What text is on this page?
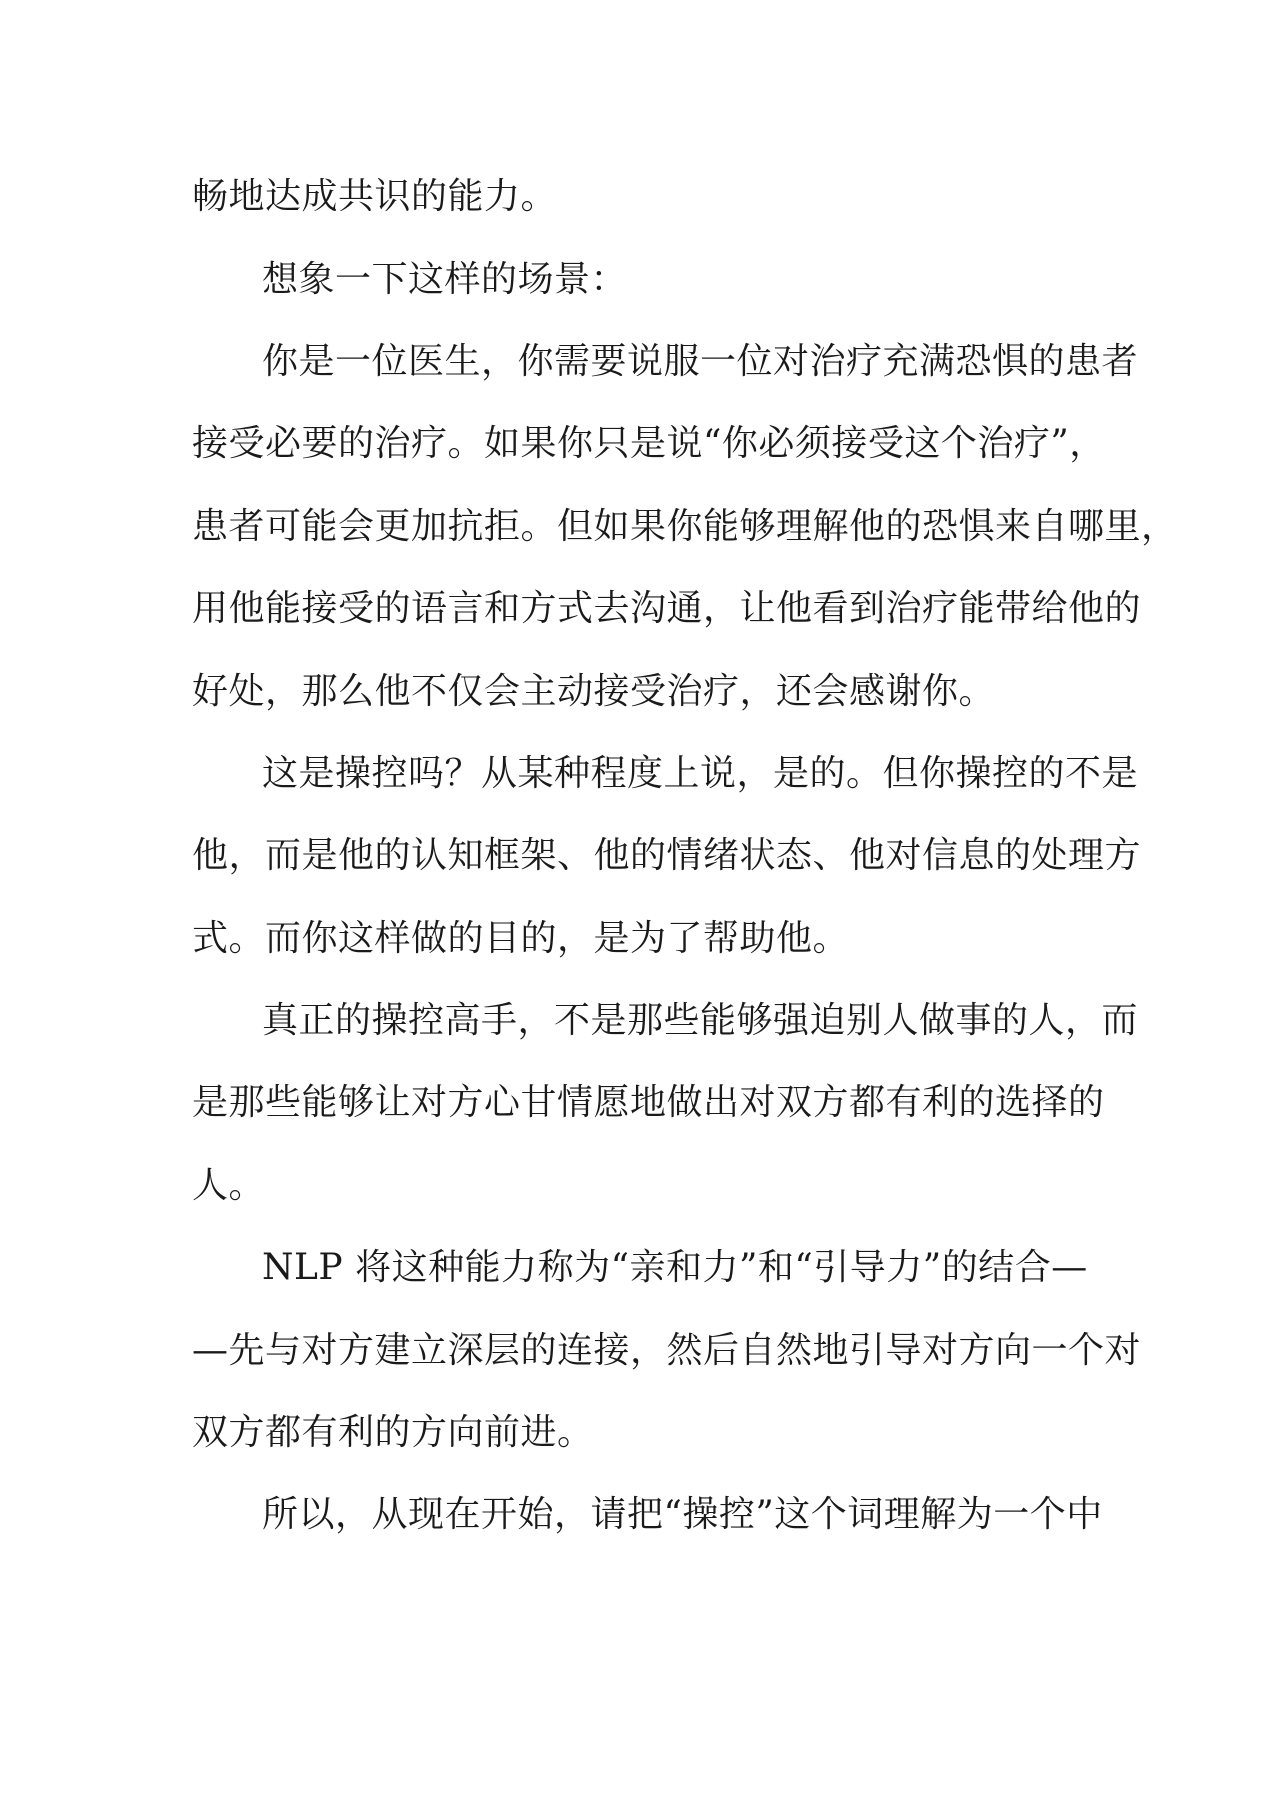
畅地达成共识的能力。
想象一下这样的场景：
你是一位医生，你需要说服一位对治疗充满恐惧的患者
接受必要的治疗。如果你只是说“你必须接受这个治疗”，
患者可能会更加抗拒。但如果你能够理解他的恐惧来自哪里，
用他能接受的语言和方式去沟通，让他看到治疗能带给他的
好处，那么他不仅会主动接受治疗，还会感谢你。
这是操控吗？从某种程度上说，是的。但你操控的不是
他，而是他的认知框架、他的情绪状态、他对信息的处理方
式。而你这样做的目的，是为了帮助他。
真正的操控高手，不是那些能够强迫别人做事的人，而
是那些能够让对方心甘情愿地做出对双方都有利的选择的
人。
NLP 将这种能力称为“亲和力”和“引导力”的结合—
—先与对方建立深层的连接，然后自然地引导对方向一个对
双方都有利的方向前进。
所以，从现在开始，请把“操控”这个词理解为一个中
